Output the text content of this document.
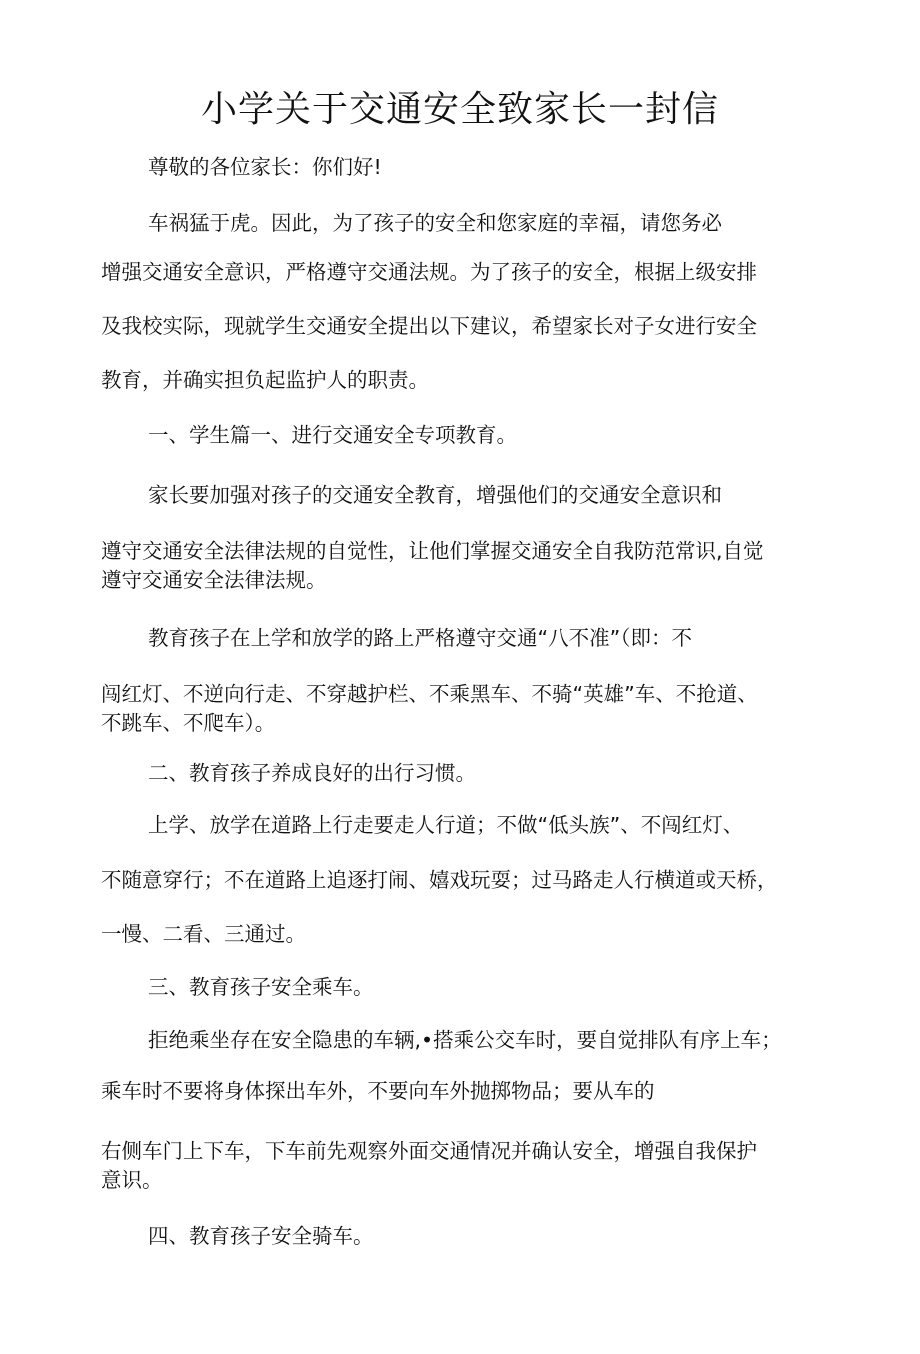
小学关于交通安全致家长一封信

尊敬的各位家长：你们好!

车祸猛于虎。因此，为了孩子的安全和您家庭的幸福，请您务必

增强交通安全意识，严格遵守交通法规。为了孩子的安全，根据上级安排

及我校实际，现就学生交通安全提出以下建议，希望家长对子女进行安全

教育，并确实担负起监护人的职责。

一、学生篇一、进行交通安全专项教育。

家长要加强对孩子的交通安全教育，增强他们的交通安全意识和

遵守交通安全法律法规的自觉性，让他们掌握交通安全自我防范常识,自觉

遵守交通安全法律法规。

教育孩子在上学和放学的路上严格遵守交通“八不准”（即：不

闯红灯、不逆向行走、不穿越护栏、不乘黑车、不骑“英雄”车、不抢道、

不跳车、不爬车）。

二、教育孩子养成良好的出行习惯。

上学、放学在道路上行走要走人行道；不做“低头族”、不闯红灯、

不随意穿行；不在道路上追逐打闹、嬉戏玩耍；过马路走人行横道或天桥，

一慢、二看、三通过。

三、教育孩子安全乘车。

拒绝乘坐存在安全隐患的车辆,•搭乘公交车时，要自觉排队有序上车；

乘车时不要将身体探出车外，不要向车外抛掷物品；要从车的

右侧车门上下车，下车前先观察外面交通情况并确认安全，增强自我保护

意识。

四、教育孩子安全骑车。
